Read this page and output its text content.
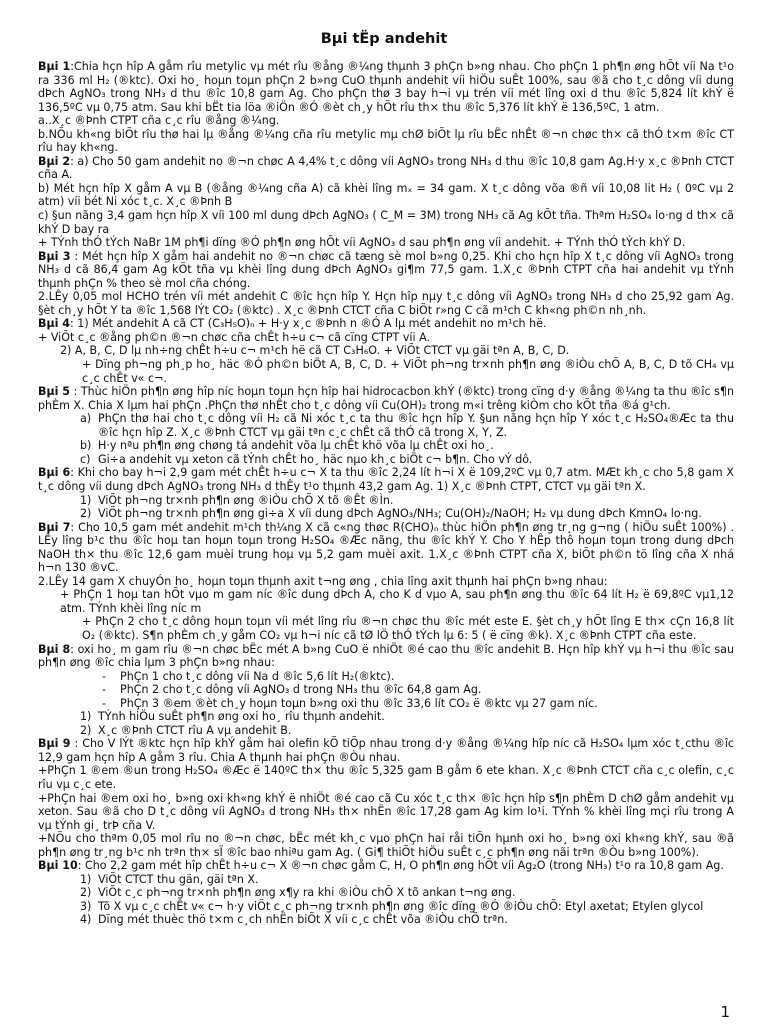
Bµi tËp andehit

Bµi 1:Chia hçn hîp A gåm rîu metylic vµ mét rîu ®ång ®¼ng thµnh 3 phÇn b»ng nhau. Cho phÇn 1 ph¶n øng hÕt víi Na t¹o ra 336 ml H₂ (®ktc). Oxi ho¸ hoµn toµn phÇn 2 b»ng CuO thµnh andehit víi hiÖu suÊt 100%, sau ®ã cho t¸c dông víi dung dÞch AgNO₃ trong NH₃ d thu ®îc 10,8 gam Ag. Cho phÇn thø 3 bay h¬i vµ trén víi mét lîng oxi d thu ®îc 5,824 lít khÝ ë 136,5ºC vµ 0,75 atm. Sau khi bËt tia löa ®iÖn ®Ó ®èt ch¸y hÕt rîu th× thu ®îc 5,376 lít khÝ ë 136,5ºC, 1 atm.

a..X¸c ®Þnh CTPT cña c¸c rîu ®ång ®¼ng.

b.NÕu kh«ng biÕt rîu thø hai lµ ®ång ®¼ng cña rîu metylic mµ chØ biÕt lµ rîu bËc nhÊt ®¬n chøc th× cã thÓ t×m ®îc CT rîu hay kh«ng.

Bµi 2: a) Cho 50 gam andehit no ®¬n chøc A 4,4% t¸c dông víi AgNO₃ trong NH₃ d thu ®îc 10,8 gam Ag.H·y x¸c ®Þnh CTCT cña A.

b) Mét hçn hîp X gåm A vµ B (®ång ®¼ng cña A) cã khèi lîng mₓ = 34 gam. X t¸c dông võa ®ñ víi 10,08 lit H₂ ( 0ºC vµ 2 atm) víi bét Ni xóc t¸c. X¸c ®Þnh B

c) §un nãng 3,4 gam hçn hîp X víi 100 ml dung dÞch AgNO₃ ( C_M = 3M) trong NH₃ cã Ag kÕt tña. Thªm H₂SO₄ lo·ng d th× cã khÝ D bay ra

+ TÝnh thÓ tÝch NaBr 1M ph¶i dïng ®Ó ph¶n øng hÕt víi AgNO₃ d sau ph¶n øng víi andehit. + TÝnh thÓ tÝch khÝ D.

Bµi 3 : Mét hçn hîp X gåm hai andehit no ®¬n chøc cã tæng sè mol b»ng 0,25. Khi cho hçn hîp X t¸c dông víi AgNO₃ trong NH₃ d cã 86,4 gam Ag kÕt tña vµ khèi lîng dung dÞch AgNO₃ gi¶m 77,5 gam. 1.X¸c ®Þnh CTPT cña hai andehit vµ tÝnh thµnh phÇn % theo sè mol cña chóng.

2.LÊy 0,05 mol HCHO trén víi mét andehit C ®îc hçn hîp Y. Hçn hîp nµy t¸c dông víi AgNO₃ trong NH₃ d cho 25,92 gam Ag. §èt ch¸y hÕt Y ta ®îc 1,568 lÝt CO₂ (®ktc) . X¸c ®Þnh CTCT cña C biÕt r»ng C cã m¹ch C kh«ng ph©n nh¸nh.

Bµi 4: 1) Mét andehit A cã CT (C₃H₅O)ₙ + H·y x¸c ®Þnh n ®Ó A lµ mét andehit no m¹ch hë.

+ ViÕt c¸c ®ång ph©n ®¬n chøc cña chÊt h÷u c¬ cã cïng CTPT víi A.

2) A, B, C, D lµ nh÷ng chÊt h÷u c¬ m¹ch hë cã CT C₃H₆O. + ViÕt CTCT vµ gäi tªn A, B, C, D.

+ Dïng ph¬ng ph¸p ho¸ häc ®Ó ph©n biÖt A, B, C, D. + ViÕt ph¬ng tr×nh ph¶n øng ®iÒu chÕ A, B, C, D tõ CH₄ vµ c¸c chÊt v« c¬.

Bµi 5 : Thùc hiÖn ph¶n øng hîp níc hoµn toµn hçn hîp hai hidrocacbon khÝ (®ktc) trong cïng d·y ®ång ®¼ng ta thu ®îc s¶n phÈm X. Chia X lµm hai phÇn .PhÇn thø nhÊt cho t¸c dông víi Cu(OH)₂ trong m«i trêng kiÒm cho kÕt tña ®á g¹ch.

a) PhÇn thø hai cho t¸c dông víi H₂ cã Ni xóc t¸c ta thu ®îc hçn hîp Y. §un nãng hçn hîp Y xóc t¸c H₂SO₄®Æc ta thu ®îc hçn hîp Z. X¸c ®Þnh CTCT vµ gäi tªn c¸c chÊt cã thÓ cã trong X, Y, Z.
b) H·y nªu ph¶n øng chøng tá andehit võa lµ chÊt khö võa lµ chÊt oxi ho¸.
c) Gi÷a andehit vµ xeton cã tÝnh chÊt ho¸ häc nµo kh¸c biÖt c¬ b¶n. Cho vÝ dô.

Bµi 6: Khi cho bay h¬i 2,9 gam mét chÊt h÷u c¬ X ta thu ®îc 2,24 lít h¬i X ë 109,2ºC vµ 0,7 atm. MÆt kh¸c cho 5,8 gam X t¸c dông víi dung dÞch AgNO₃ trong NH₃ d thÊy t¹o thµnh 43,2 gam Ag. 1) X¸c ®Þnh CTPT, CTCT vµ gäi tªn X.

1) ViÕt ph¬ng tr×nh ph¶n øng ®iÒu chÕ X tõ ®Êt ®Ìn.
2) ViÕt ph¬ng tr×nh ph¶n øng gi÷a X víi dung dÞch AgNO₃/NH₃; Cu(OH)₂/NaOH; H₂ vµ dung dÞch KmnO₄ lo·ng.

Bµi 7: Cho 10,5 gam mét andehit m¹ch th¼ng X cã c«ng thøc R(CHO)ₙ thùc hiÖn ph¶n øng tr¸ng g¬ng ( hiÖu suÊt 100%) . LÊy lîng b¹c thu ®îc hoµ tan hoµn toµn trong H₂SO₄ ®Æc nãng, thu ®îc khÝ Y. Cho Y hÊp thô hoµn toµn trong dung dÞch NaOH th× thu ®îc 12,6 gam muèi trung hoµ vµ 5,2 gam muèi axit. 1.X¸c ®Þnh CTPT cña X, biÕt ph©n tö lîng cña X nhá h¬n 130 ®vC.

2.LÊy 14 gam X chuyÓn ho¸ hoµn toµn thµnh axit t¬ng øng , chia lîng axit thµnh hai phÇn b»ng nhau:

+ PhÇn 1 hoµ tan hÕt vµo m gam níc ®îc dung dÞch A, cho K d vµo A, sau ph¶n øng thu ®îc 64 lít H₂ ë 69,8ºC vµ1,12 atm. TÝnh khèi lîng níc m

+ PhÇn 2 cho t¸c dông hoµn toµn víi mét lîng rîu ®¬n chøc thu ®îc mét este E. §èt ch¸y hÕt lîng E th× cÇn 16,8 lít O₂ (®ktc). S¶n phÈm ch¸y gåm CO₂ vµ h¬i níc cã tØ lÖ thÓ tÝch lµ 6: 5 ( ë cïng ®k). X¸c ®Þnh CTPT cña este.

Bµi 8: oxi ho¸ m gam rîu ®¬n chøc bËc mét A b»ng CuO ë nhiÖt ®é cao thu ®îc andehit B. Hçn hîp khÝ vµ h¬i thu ®îc sau ph¶n øng ®îc chia lµm 3 phÇn b»ng nhau:

- PhÇn 1 cho t¸c dông víi Na d ®îc 5,6 lít H₂(®ktc).
- PhÇn 2 cho t¸c dông víi AgNO₃ d trong NH₃ thu ®îc 64,8 gam Ag.
- PhÇn 3 ®em ®èt ch¸y hoµn toµn b»ng oxi thu ®îc 33,6 lít CO₂ ë ®ktc vµ 27 gam níc.
1) TÝnh hiÖu suÊt ph¶n øng oxi ho¸ rîu thµnh andehit.
2) X¸c ®Þnh CTCT rîu A vµ andehit B.

Bµi 9 : Cho V lÝt ®ktc hçn hîp khÝ gåm hai olefin kÕ tiÕp nhau trong d·y ®ång ®¼ng hîp níc cã H₂SO₄ lµm xóc t¸cthu ®îc 12,9 gam hçn hîp A gåm 3 rîu. Chia A thµnh hai phÇn ®Òu nhau.

+PhÇn 1 ®em ®un trong H₂SO₄ ®Æc ë 140ºC th× thu ®îc 5,325 gam B gåm 6 ete khan. X¸c ®Þnh CTCT cña c¸c olefin, c¸c rîu vµ c¸c ete.

+PhÇn hai ®em oxi ho¸ b»ng oxi kh«ng khÝ ë nhiÖt ®é cao cã Cu xóc t¸c th× ®îc hçn hîp s¶n phÈm D chØ gåm andehit vµ xeton. Sau ®ã cho D t¸c dông víi AgNO₃ d trong NH₃ th× nhËn ®îc 17,28 gam Ag kim lo¹i. TÝnh % khèi lîng mçi rîu trong A vµ tÝnh gi¸ trÞ cña V.

+NÕu cho thªm 0,05 mol rîu no ®¬n chøc, bËc mét kh¸c vµo phÇn hai råi tiÕn hµnh oxi ho¸ b»ng oxi kh«ng khÝ, sau ®ã ph¶n øng tr¸ng b¹c nh trªn th× sÏ ®îc bao nhiªu gam Ag. ( Gi¶ thiÕt hiÖu suÊt c¸c ph¶n øng nãi trªn ®Òu b»ng 100%).

Bµi 10: Cho 2,2 gam mét hîp chÊt h÷u c¬ X ®¬n chøc gåm C, H, O ph¶n øng hÕt víi Ag₂O (trong NH₃) t¹o ra 10,8 gam Ag.

1) ViÕt CTCT thu gän, gäi tªn X.
2) ViÕt c¸c ph¬ng tr×nh ph¶n øng x¶y ra khi ®iÒu chÕ X tõ ankan t¬ng øng.
3) Tõ X vµ c¸c chÊt v« c¬ h·y viÕt c¸c ph¬ng tr×nh ph¶n øng ®îc dïng ®Ó ®iÒu chÕ: Etyl axetat; Etylen glycol
4) Dïng mét thuèc thö t×m c¸ch nhËn biÕt X víi c¸c chÊt võa ®iÒu chÕ trªn.
1
